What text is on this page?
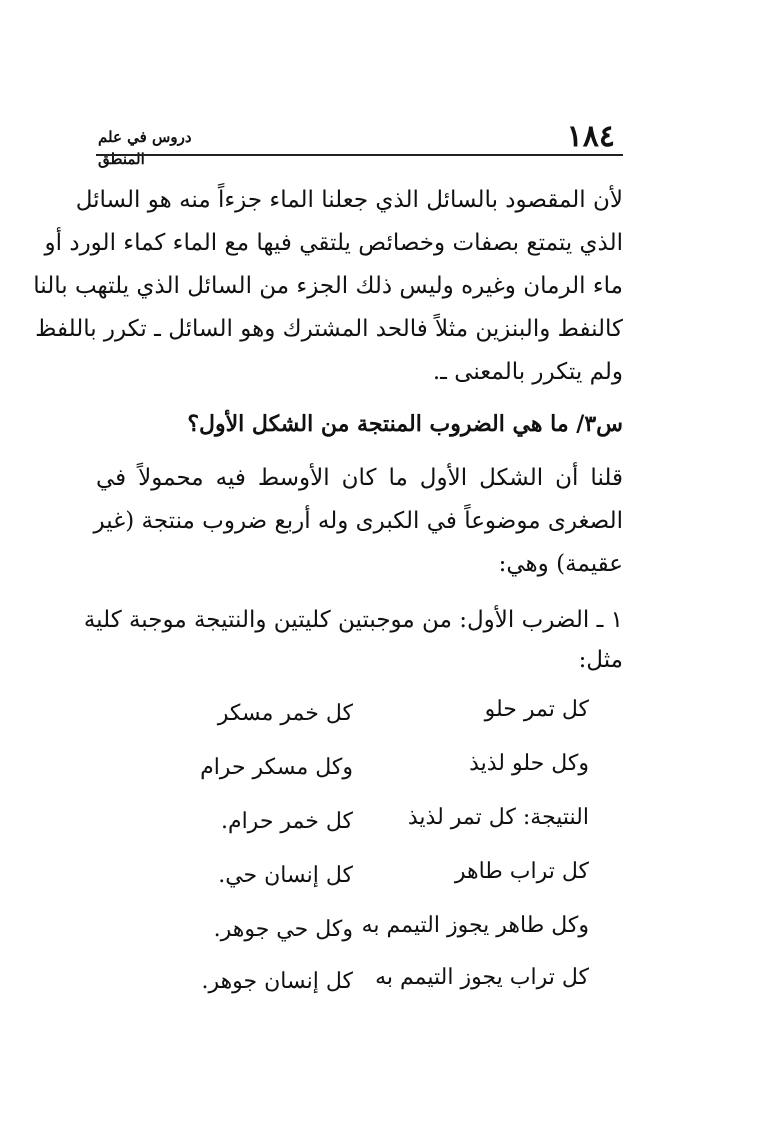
١٨٤
دروس في علم المنطق
لأن المقصود بالسائل الذي جعلنا الماء جزءاً منه هو السائل
الذي يتمتع بصفات وخصائص يلتقي فيها مع الماء كماء الورد أو
ماء الرمان وغيره وليس ذلك الجزء من السائل الذي يلتهب بالنا
كالنفط والبنزين مثلاً فالحد المشترك وهو السائل ـ تكرر باللفظ
ولم يتكرر بالمعنى ـ.
س٣/ ما هي الضروب المنتجة من الشكل الأول؟
قلنا أن الشكل الأول ما كان الأوسط فيه محمولاً في
الصغرى موضوعاً في الكبرى وله أربع ضروب منتجة (غير
عقيمة) وهي:
١ ـ الضرب الأول: من موجبتين كليتين والنتيجة موجبة كلية
مثل:
كل تمر حلو
كل خمر مسكر
وكل حلو لذيذ
وكل مسكر حرام
النتيجة: كل تمر لذيذ
كل خمر حرام.
كل تراب طاهر
كل إنسان حي.
وكل طاهر يجوز التيمم به
وكل حي جوهر.
كل تراب يجوز التيمم به
كل إنسان جوهر.
